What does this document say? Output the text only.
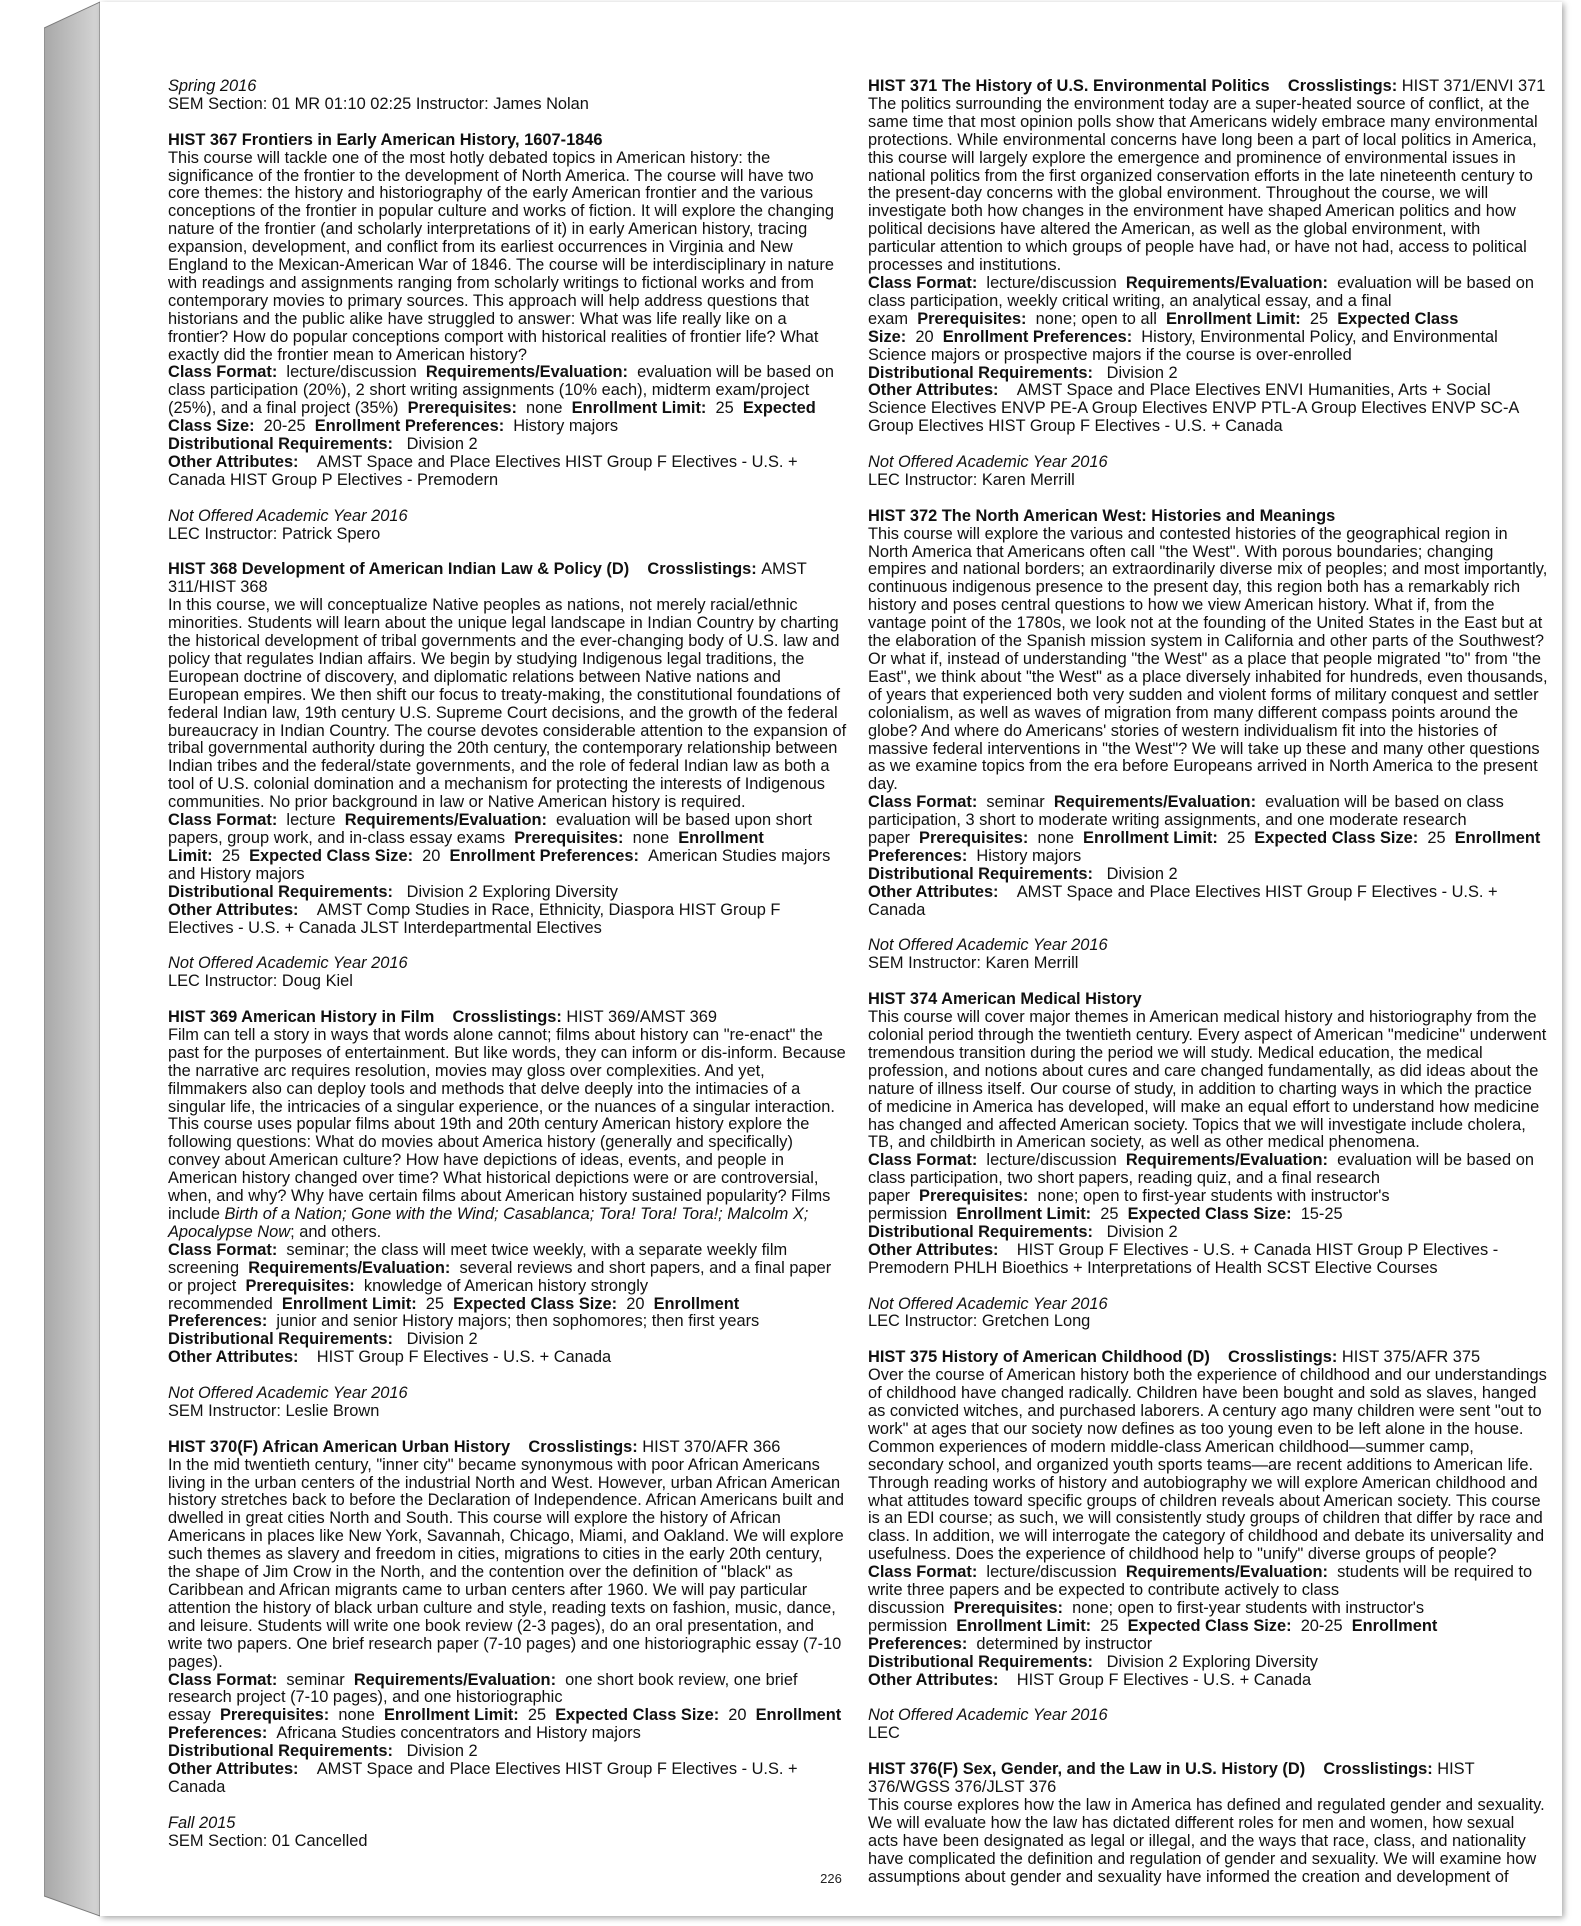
Spring 2016
SEM Section: 01 MR 01:10 02:25 Instructor: James Nolan
HIST 367 Frontiers in Early American History, 1607-1846
This course will tackle one of the most hotly debated topics in American history: the significance of the frontier to the development of North America. The course will have two core themes: the history and historiography of the early American frontier and the various conceptions of the frontier in popular culture and works of fiction. It will explore the changing nature of the frontier (and scholarly interpretations of it) in early American history, tracing expansion, development, and conflict from its earliest occurrences in Virginia and New England to the Mexican-American War of 1846. The course will be interdisciplinary in nature with readings and assignments ranging from scholarly writings to fictional works and from contemporary movies to primary sources. This approach will help address questions that historians and the public alike have struggled to answer: What was life really like on a frontier? How do popular conceptions comport with historical realities of frontier life? What exactly did the frontier mean to American history?
Class Format: lecture/discussion Requirements/Evaluation: evaluation will be based on class participation (20%), 2 short writing assignments (10% each), midterm exam/project (25%), and a final project (35%) Prerequisites: none Enrollment Limit: 25 Expected Class Size: 20-25 Enrollment Preferences: History majors
Distributional Requirements: Division 2
Other Attributes: AMST Space and Place Electives HIST Group F Electives - U.S. + Canada HIST Group P Electives - Premodern
Not Offered Academic Year 2016
LEC Instructor: Patrick Spero
HIST 368 Development of American Indian Law & Policy (D) Crosslistings: AMST 311/HIST 368
In this course, we will conceptualize Native peoples as nations, not merely racial/ethnic minorities. Students will learn about the unique legal landscape in Indian Country by charting the historical development of tribal governments and the ever-changing body of U.S. law and policy that regulates Indian affairs. We begin by studying Indigenous legal traditions, the European doctrine of discovery, and diplomatic relations between Native nations and European empires. We then shift our focus to treaty-making, the constitutional foundations of federal Indian law, 19th century U.S. Supreme Court decisions, and the growth of the federal bureaucracy in Indian Country. The course devotes considerable attention to the expansion of tribal governmental authority during the 20th century, the contemporary relationship between Indian tribes and the federal/state governments, and the role of federal Indian law as both a tool of U.S. colonial domination and a mechanism for protecting the interests of Indigenous communities. No prior background in law or Native American history is required.
Class Format: lecture Requirements/Evaluation: evaluation will be based upon short papers, group work, and in-class essay exams Prerequisites: none Enrollment Limit: 25 Expected Class Size: 20 Enrollment Preferences: American Studies majors and History majors
Distributional Requirements: Division 2 Exploring Diversity
Other Attributes: AMST Comp Studies in Race, Ethnicity, Diaspora HIST Group F Electives - U.S. + Canada JLST Interdepartmental Electives
Not Offered Academic Year 2016
LEC Instructor: Doug Kiel
HIST 369 American History in Film Crosslistings: HIST 369/AMST 369
Film can tell a story in ways that words alone cannot; films about history can "re-enact" the past for the purposes of entertainment. But like words, they can inform or dis-inform. Because the narrative arc requires resolution, movies may gloss over complexities. And yet, filmmakers also can deploy tools and methods that delve deeply into the intimacies of a singular life, the intricacies of a singular experience, or the nuances of a singular interaction. This course uses popular films about 19th and 20th century American history explore the following questions: What do movies about America history (generally and specifically) convey about American culture? How have depictions of ideas, events, and people in American history changed over time? What historical depictions were or are controversial, when, and why? Why have certain films about American history sustained popularity? Films include Birth of a Nation; Gone with the Wind; Casablanca; Tora! Tora! Tora!; Malcolm X; Apocalypse Now; and others.
Class Format: seminar; the class will meet twice weekly, with a separate weekly film screening Requirements/Evaluation: several reviews and short papers, and a final paper or project Prerequisites: knowledge of American history strongly recommended Enrollment Limit: 25 Expected Class Size: 20 Enrollment Preferences: junior and senior History majors; then sophomores; then first years
Distributional Requirements: Division 2
Other Attributes: HIST Group F Electives - U.S. + Canada
Not Offered Academic Year 2016
SEM Instructor: Leslie Brown
HIST 370(F) African American Urban History Crosslistings: HIST 370/AFR 366
In the mid twentieth century, "inner city" became synonymous with poor African Americans living in the urban centers of the industrial North and West. However, urban African American history stretches back to before the Declaration of Independence. African Americans built and dwelled in great cities North and South. This course will explore the history of African Americans in places like New York, Savannah, Chicago, Miami, and Oakland. We will explore such themes as slavery and freedom in cities, migrations to cities in the early 20th century, the shape of Jim Crow in the North, and the contention over the definition of "black" as Caribbean and African migrants came to urban centers after 1960. We will pay particular attention the history of black urban culture and style, reading texts on fashion, music, dance, and leisure. Students will write one book review (2-3 pages), do an oral presentation, and write two papers. One brief research paper (7-10 pages) and one historiographic essay (7-10 pages).
Class Format: seminar Requirements/Evaluation: one short book review, one brief research project (7-10 pages), and one historiographic essay Prerequisites: none Enrollment Limit: 25 Expected Class Size: 20 Enrollment Preferences: Africana Studies concentrators and History majors
Distributional Requirements: Division 2
Other Attributes: AMST Space and Place Electives HIST Group F Electives - U.S. + Canada
Fall 2015
SEM Section: 01 Cancelled
HIST 371 The History of U.S. Environmental Politics Crosslistings: HIST 371/ENVI 371
The politics surrounding the environment today are a super-heated source of conflict, at the same time that most opinion polls show that Americans widely embrace many environmental protections. While environmental concerns have long been a part of local politics in America, this course will largely explore the emergence and prominence of environmental issues in national politics from the first organized conservation efforts in the late nineteenth century to the present-day concerns with the global environment. Throughout the course, we will investigate both how changes in the environment have shaped American politics and how political decisions have altered the American, as well as the global environment, with particular attention to which groups of people have had, or have not had, access to political processes and institutions.
Class Format: lecture/discussion Requirements/Evaluation: evaluation will be based on class participation, weekly critical writing, an analytical essay, and a final exam Prerequisites: none; open to all Enrollment Limit: 25 Expected Class Size: 20 Enrollment Preferences: History, Environmental Policy, and Environmental Science majors or prospective majors if the course is over-enrolled
Distributional Requirements: Division 2
Other Attributes: AMST Space and Place Electives ENVI Humanities, Arts + Social Science Electives ENVP PE-A Group Electives ENVP PTL-A Group Electives ENVP SC-A Group Electives HIST Group F Electives - U.S. + Canada
Not Offered Academic Year 2016
LEC Instructor: Karen Merrill
HIST 372 The North American West: Histories and Meanings
This course will explore the various and contested histories of the geographical region in North America that Americans often call "the West". With porous boundaries; changing empires and national borders; an extraordinarily diverse mix of peoples; and most importantly, continuous indigenous presence to the present day, this region both has a remarkably rich history and poses central questions to how we view American history. What if, from the vantage point of the 1780s, we look not at the founding of the United States in the East but at the elaboration of the Spanish mission system in California and other parts of the Southwest? Or what if, instead of understanding "the West" as a place that people migrated "to" from "the East", we think about "the West" as a place diversely inhabited for hundreds, even thousands, of years that experienced both very sudden and violent forms of military conquest and settler colonialism, as well as waves of migration from many different compass points around the globe? And where do Americans' stories of western individualism fit into the histories of massive federal interventions in "the West"? We will take up these and many other questions as we examine topics from the era before Europeans arrived in North America to the present day.
Class Format: seminar Requirements/Evaluation: evaluation will be based on class participation, 3 short to moderate writing assignments, and one moderate research paper Prerequisites: none Enrollment Limit: 25 Expected Class Size: 25 Enrollment Preferences: History majors
Distributional Requirements: Division 2
Other Attributes: AMST Space and Place Electives HIST Group F Electives - U.S. + Canada
Not Offered Academic Year 2016
SEM Instructor: Karen Merrill
HIST 374 American Medical History
This course will cover major themes in American medical history and historiography from the colonial period through the twentieth century. Every aspect of American "medicine" underwent tremendous transition during the period we will study. Medical education, the medical profession, and notions about cures and care changed fundamentally, as did ideas about the nature of illness itself. Our course of study, in addition to charting ways in which the practice of medicine in America has developed, will make an equal effort to understand how medicine has changed and affected American society. Topics that we will investigate include cholera, TB, and childbirth in American society, as well as other medical phenomena.
Class Format: lecture/discussion Requirements/Evaluation: evaluation will be based on class participation, two short papers, reading quiz, and a final research paper Prerequisites: none; open to first-year students with instructor's permission Enrollment Limit: 25 Expected Class Size: 15-25
Distributional Requirements: Division 2
Other Attributes: HIST Group F Electives - U.S. + Canada HIST Group P Electives - Premodern PHLH Bioethics + Interpretations of Health SCST Elective Courses
Not Offered Academic Year 2016
LEC Instructor: Gretchen Long
HIST 375 History of American Childhood (D) Crosslistings: HIST 375/AFR 375
Over the course of American history both the experience of childhood and our understandings of childhood have changed radically. Children have been bought and sold as slaves, hanged as convicted witches, and purchased laborers. A century ago many children were sent "out to work" at ages that our society now defines as too young even to be left alone in the house. Common experiences of modern middle-class American childhood—summer camp, secondary school, and organized youth sports teams—are recent additions to American life. Through reading works of history and autobiography we will explore American childhood and what attitudes toward specific groups of children reveals about American society. This course is an EDI course; as such, we will consistently study groups of children that differ by race and class. In addition, we will interrogate the category of childhood and debate its universality and usefulness. Does the experience of childhood help to "unify" diverse groups of people?
Class Format: lecture/discussion Requirements/Evaluation: students will be required to write three papers and be expected to contribute actively to class discussion Prerequisites: none; open to first-year students with instructor's permission Enrollment Limit: 25 Expected Class Size: 20-25 Enrollment Preferences: determined by instructor
Distributional Requirements: Division 2 Exploring Diversity
Other Attributes: HIST Group F Electives - U.S. + Canada
Not Offered Academic Year 2016
LEC
HIST 376(F) Sex, Gender, and the Law in U.S. History (D) Crosslistings: HIST 376/WGSS 376/JLST 376
This course explores how the law in America has defined and regulated gender and sexuality. We will evaluate how the law has dictated different roles for men and women, how sexual acts have been designated as legal or illegal, and the ways that race, class, and nationality have complicated the definition and regulation of gender and sexuality. We will examine how assumptions about gender and sexuality have informed the creation and development of
226
